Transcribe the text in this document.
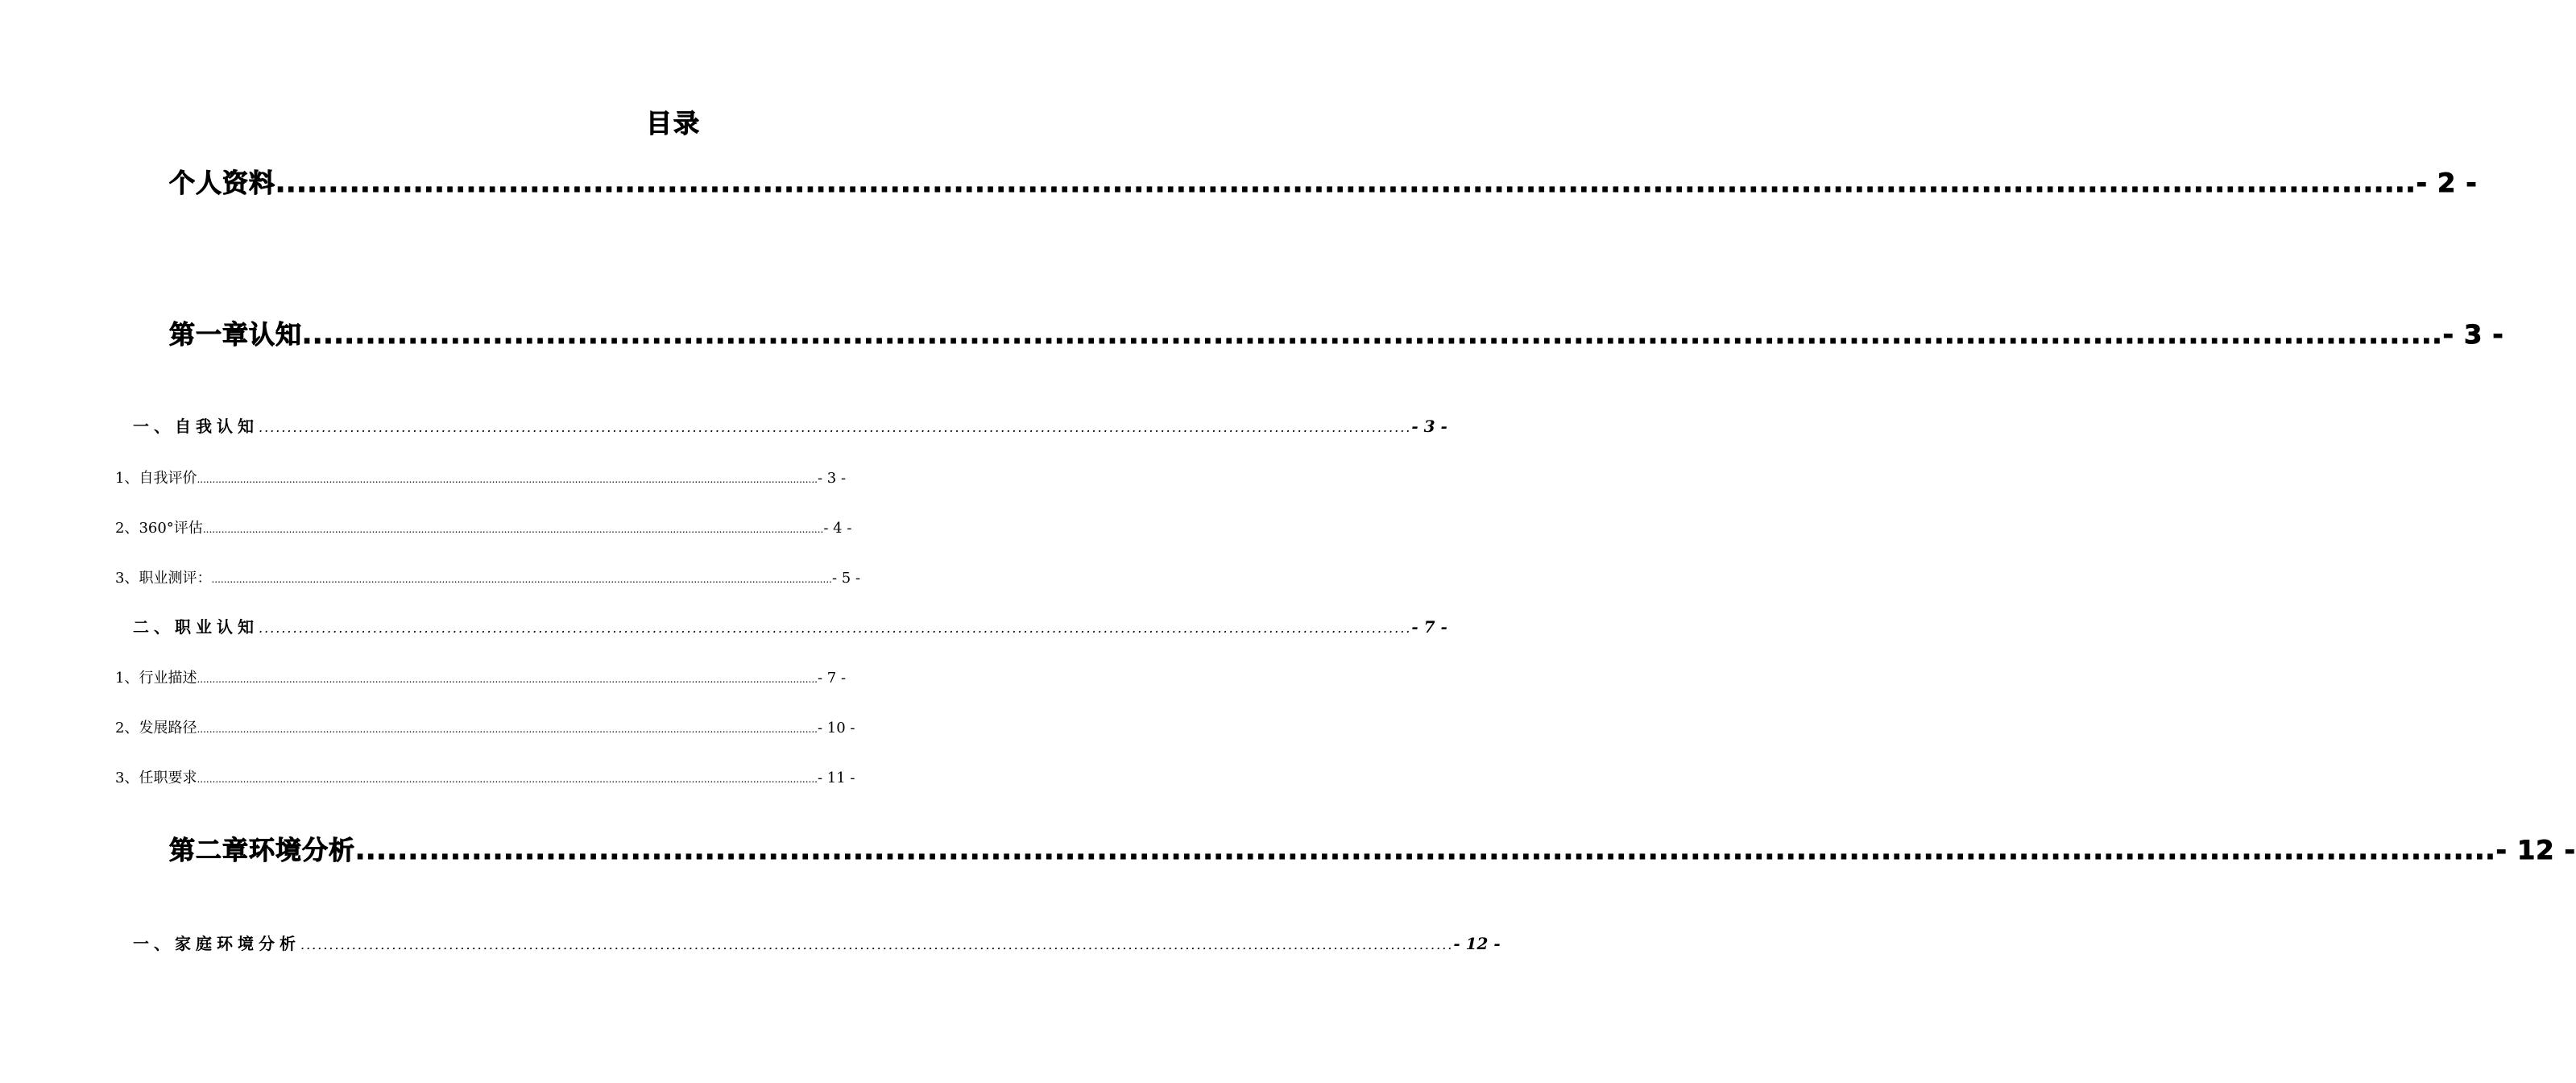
目录
个人资料 .......................................................................................................................................................................................................... - 2 -
第一章认知 .......................................................................................................................................................................................................... - 3 -
一、自我认知 .......................................................................................................................................................................................................... - 3 -
1、自我评价 .......................................................................................................................................................................................................... - 3 -
2、360°评估 .......................................................................................................................................................................................................... - 4 -
3、职业测评： .......................................................................................................................................................................................................... - 5 -
二、职业认知 .......................................................................................................................................................................................................... - 7 -
1、行业描述 .......................................................................................................................................................................................................... - 7 -
2、发展路径 .......................................................................................................................................................................................................... - 10 -
3、任职要求 .......................................................................................................................................................................................................... - 11 -
第二章环境分析 .......................................................................................................................................................................................................... - 12 -
一、家庭环境分析 .......................................................................................................................................................................................................... - 12 -
